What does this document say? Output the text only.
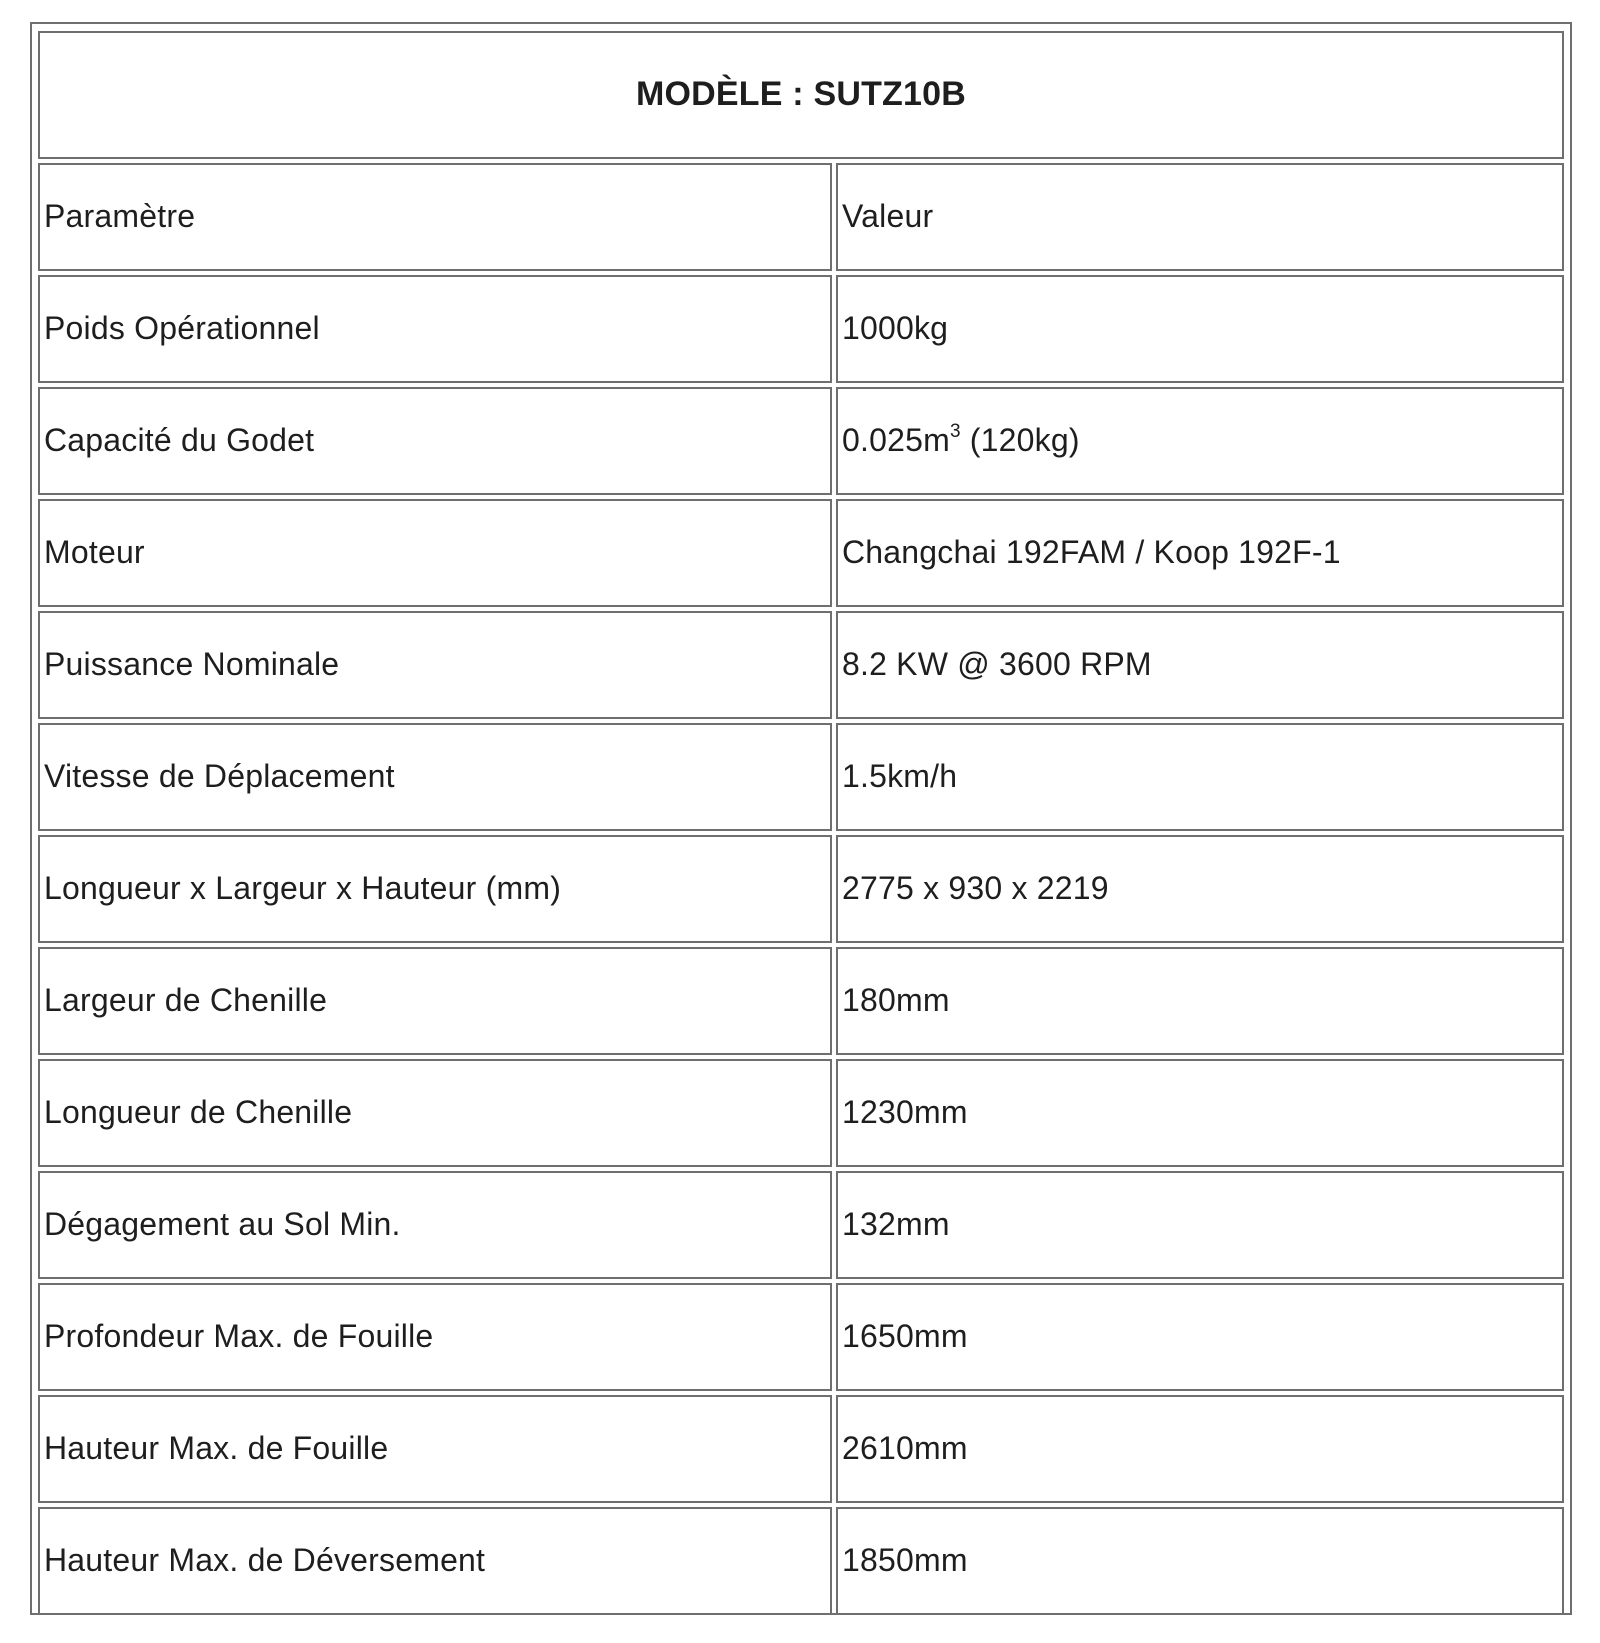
MODÈLE : SUTZ10B	
Paramètre	Valeur
Poids Opérationnel	1000kg
Capacité du Godet	$0.025m^3$ (120kg)
Moteur	Changchai 192FAM / Koop 192F-1
Puissance Nominale	8.2 KW @ 3600 RPM
Vitesse de Déplacement	1.5km/h
Longueur x Largeur x Hauteur (mm)	2775 x 930 x 2219
Largeur de Chenille	180mm
Longueur de Chenille	1230mm
Dégagement au Sol Min.	132mm
Profondeur Max. de Fouille	1650mm
Hauteur Max. de Fouille	2610mm
Hauteur Max. de Déversement	1850mm
